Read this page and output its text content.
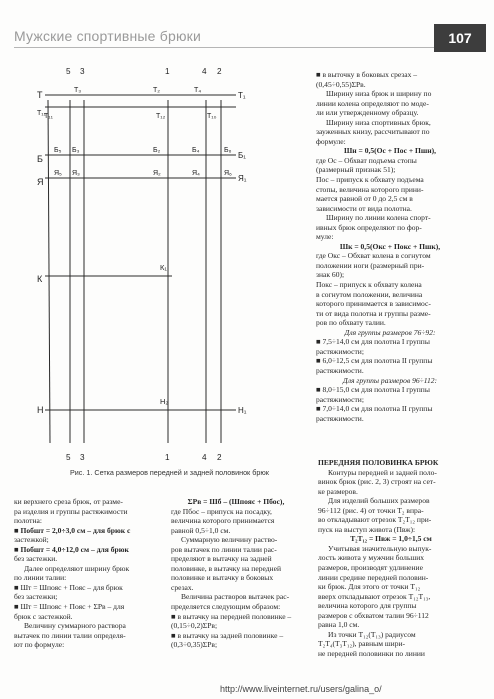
Мужские спортивные брюки	107
5 3	1	4 2
5 3	1	4 2
Т
Т₁₁
Б
Я
К
Н
Т₁
Б₁
Я₁
Н₁
Т₃	Т₂	Т₄
Т₁₂	Т₁₀
Т₁₁
Б₃	Б₂	Б₄
Б₅	Б₆
Я₃	Я₂	Я₄
Я₅	Я₆
К₁
Н₂
Рис. 1. Сетка размеров передней и задней половинок брюк

■ в выточку в боковых срезах –

(0,45÷0,55)ΣРв.

Ширину низа брюк и ширину по

линии колена определяют по моде-

ли или утвержденному образцу.

Ширину низа спортивных брюк,

зауженных книзу, рассчитывают по

формуле:

Шн = 0,5(Ос + Пос + Пшн),

где Ос – Обхват подъема стопы

(размерный признак 51);

Пос – припуск к обхвату подъема

стопы, величина которого прини-

мается равной от 0 до 2,5 см в

зависимости от вида полотна.

Ширину по линии колена спорт-

ивных брюк определяют по фор-

муле:

Шк = 0,5(Окс + Покс + Пшк),

где Окс – Обхват колена в согнутом

положении ноги (размерный при-

знак 60);

Покс – припуск к обхвату колена

в согнутом положении, величина

которого принимается в зависимос-

ти от вида полотна и группы разме-

ров по обхвату талии.

Для группы размеров 76÷92:

■ 7,5÷14,0 см для полотна I группы

растяжимости;

■ 6,0÷12,5 см для полотна II группы

растяжимости.

Для группы размеров 96÷112:

■ 8,0÷15,0 см для полотна I группы

растяжимости;

■ 7,0÷14,0 см для полотна II группы

растяжимости.

ки верхнего среза брюк, от разме-

ра изделия и группы растяжимости

полотна:

■ Побшт = 2,0÷3,0 см – для брюк с

застежкой;

■ Побшт = 4,0÷12,0 см – для брюк

без застежки.

Далее определяют ширину брюк

по линии талии:

■ Шт = Шпояс + Пояс – для брюк

без застежки;

■ Шт = Шпояс + Пояс + ΣРв – для

брюк с застежкой.

Величину суммарного раствора

вытачек по линии талии определя-

ют по формуле:

ΣРв = Шб – (Шпояс + Пбос),

где Пбос – припуск на посадку,

величина которого принимается

равной 0,5÷1,0 см.

Суммарную величину раство-

ров вытачек по линии талии рас-

пределяют в вытачку на задней

половинке, в вытачку на передней

половинке и вытачку в боковых

срезах.

Величина растворов вытачек рас-

пределяется следующим образом:

■ в вытачку на передней половинке –

(0,15÷0,2)ΣРв;

■ в вытачку на задней половинке –

(0,3÷0,35)ΣРв;

ПЕРЕДНЯЯ ПОЛОВИНКА БРЮК

Контуры передней и задней поло-

винок брюк (рис. 2, 3) строят на сет-

ке размеров.

Для изделий больших размеров

96÷112 (рис. 4) от точки Т₂ впра-

во откладывают отрезок Т₂Т₁₂ при-

пуск на выступ живота (Пвж):

Т₂Т₁₂ = Пвж = 1,0÷1,5 см

Учитывая значительную выпук-

лость живота у мужчин больших

размеров, производят удлинение

линии средине передней половин-

ки брюк. Для этого от точки Т₁₂

вверх откладывают отрезок Т₁₂Т₁₃,

величина которого для группы

размеров с обхватом талии 96÷112

равна 1,0 см.

Из точки Т₁₂(Т₁₃) радиусом

Т₂Т₄(Т₃Т₁₂), равным шири-

не передней половинки по линии

http://www.liveinternet.ru/users/galina_o/
